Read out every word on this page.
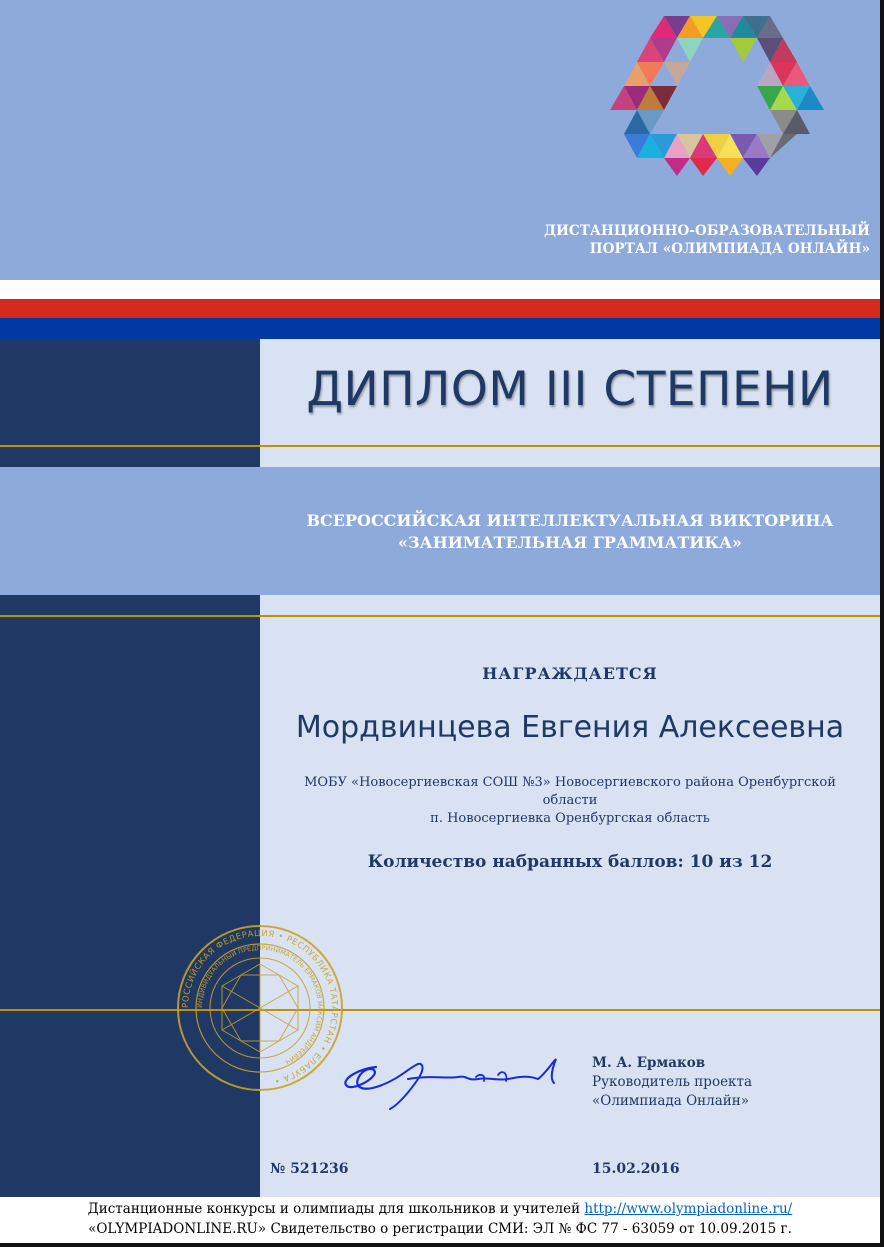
ДИСТАНЦИОННО-ОБРАЗОВАТЕЛЬНЫЙ
ПОРТАЛ «ОЛИМПИАДА ОНЛАЙН»
ДИПЛОМ III СТЕПЕНИ
ВСЕРОССИЙСКАЯ ИНТЕЛЛЕКТУАЛЬНАЯ ВИКТОРИНА
«ЗАНИМАТЕЛЬНАЯ ГРАММАТИКА»
НАГРАЖДАЕТСЯ
Мордвинцева Евгения Алексеевна
МОБУ «Новосергиевская СОШ №3» Новосергиевского района Оренбургской
области
п. Новосергиевка Оренбургская область
Количество набранных баллов: 10 из 12
РОССИЙСКАЯ ФЕДЕРАЦИЯ • РЕСПУБЛИКА ТАТАРСТАН • ЕЛАБУГА •
ИНДИВИДУАЛЬНЫЙ ПРЕДПРИНИМАТЕЛЬ ЕРМАКОВ МАКСИМ АНДРЕЕВИЧ	М. А. Ермаков
Руководитель проекта
«Олимпиада Онлайн»
№ 521236	15.02.2016
Дистанционные конкурсы и олимпиады для школьников и учителей http://www.olympiadonline.ru/
«OLYMPIADONLINE.RU» Свидетельство о регистрации СМИ: ЭЛ № ФС 77 - 63059 от 10.09.2015 г.
